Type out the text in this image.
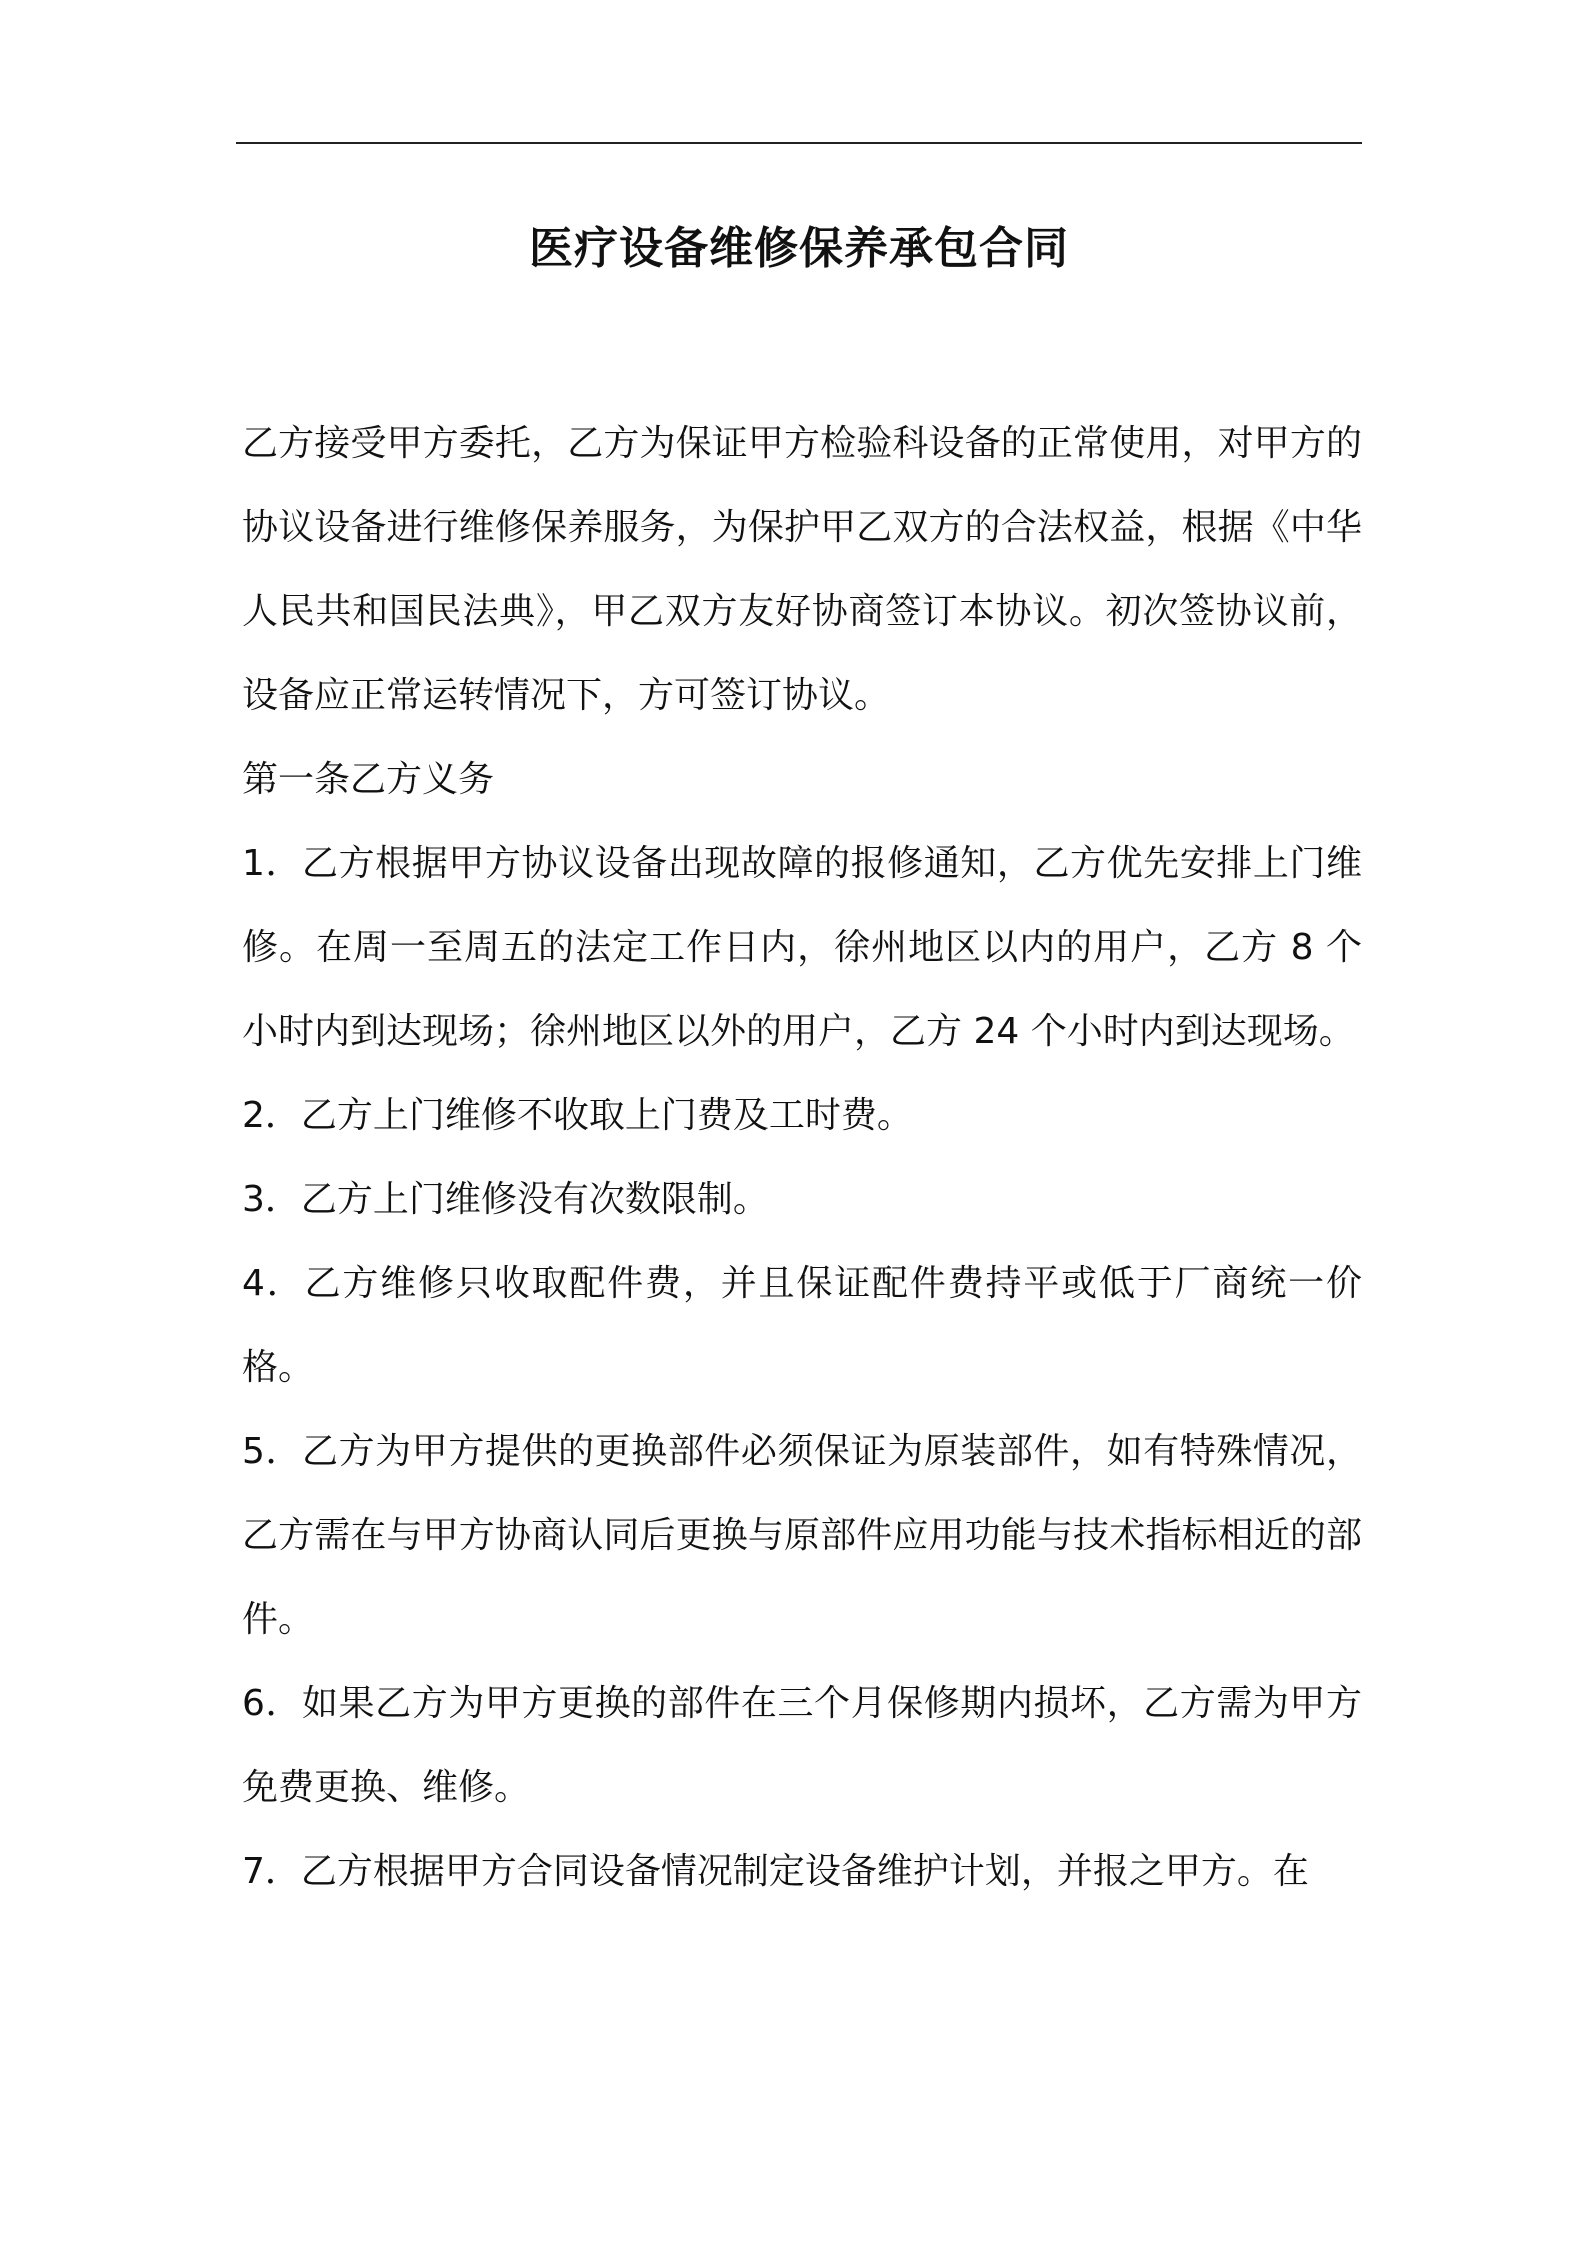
医疗设备维修保养承包合同

乙方接受甲方委托，乙方为保证甲方检验科设备的正常使用，对甲方的协议设备进行维修保养服务，为保护甲乙双方的合法权益，根据《中华人民共和国民法典》，甲乙双方友好协商签订本协议。初次签协议前，设备应正常运转情况下，方可签订协议。

第一条乙方义务

1．乙方根据甲方协议设备出现故障的报修通知，乙方优先安排上门维修。在周一至周五的法定工作日内，徐州地区以内的用户，乙方 8 个小时内到达现场；徐州地区以外的用户，乙方 24 个小时内到达现场。

2．乙方上门维修不收取上门费及工时费。

3．乙方上门维修没有次数限制。

4．乙方维修只收取配件费，并且保证配件费持平或低于厂商统一价格。

5．乙方为甲方提供的更换部件必须保证为原装部件，如有特殊情况，乙方需在与甲方协商认同后更换与原部件应用功能与技术指标相近的部件。

6．如果乙方为甲方更换的部件在三个月保修期内损坏，乙方需为甲方免费更换、维修。

7．乙方根据甲方合同设备情况制定设备维护计划，并报之甲方。在
